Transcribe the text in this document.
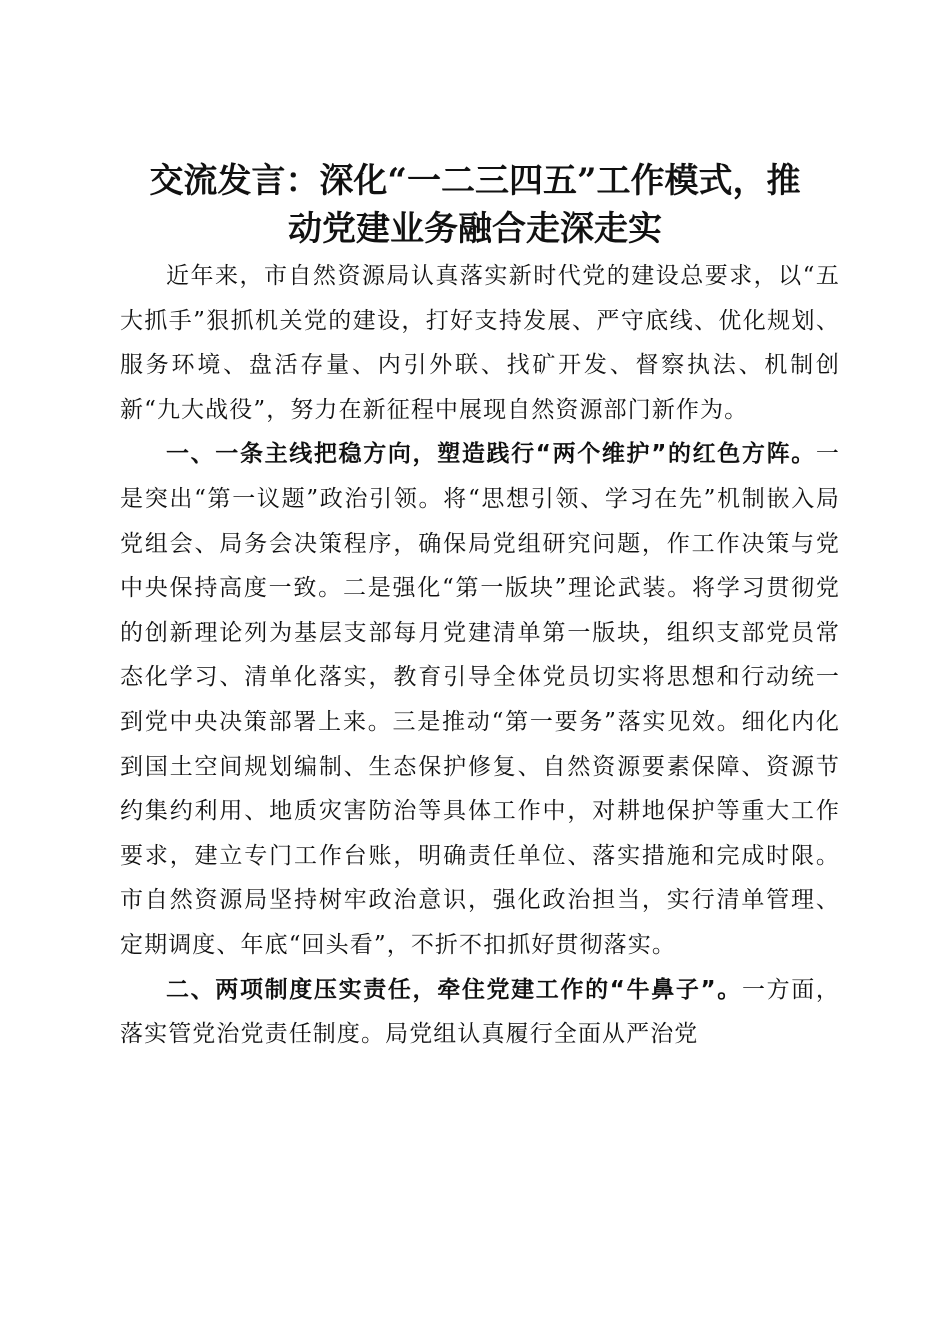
交流发言：深化“一二三四五”工作模式，推
动党建业务融合走深走实

近年来，市自然资源局认真落实新时代党的建设总要求，以“五大抓手”狠抓机关党的建设，打好支持发展、严守底线、优化规划、服务环境、盘活存量、内引外联、找矿开发、督察执法、机制创新“九大战役”，努力在新征程中展现自然资源部门新作为。

一、一条主线把稳方向，塑造践行“两个维护”的红色方阵。一是突出“第一议题”政治引领。将“思想引领、学习在先”机制嵌入局党组会、局务会决策程序，确保局党组研究问题，作工作决策与党中央保持高度一致。二是强化“第一版块”理论武装。将学习贯彻党的创新理论列为基层支部每月党建清单第一版块，组织支部党员常态化学习、清单化落实，教育引导全体党员切实将思想和行动统一到党中央决策部署上来。三是推动“第一要务”落实见效。细化内化到国土空间规划编制、生态保护修复、自然资源要素保障、资源节约集约利用、地质灾害防治等具体工作中，对耕地保护等重大工作要求，建立专门工作台账，明确责任单位、落实措施和完成时限。市自然资源局坚持树牢政治意识，强化政治担当，实行清单管理、定期调度、年底“回头看”，不折不扣抓好贯彻落实。

二、两项制度压实责任，牵住党建工作的“牛鼻子”。一方面，落实管党治党责任制度。局党组认真履行全面从严治党
